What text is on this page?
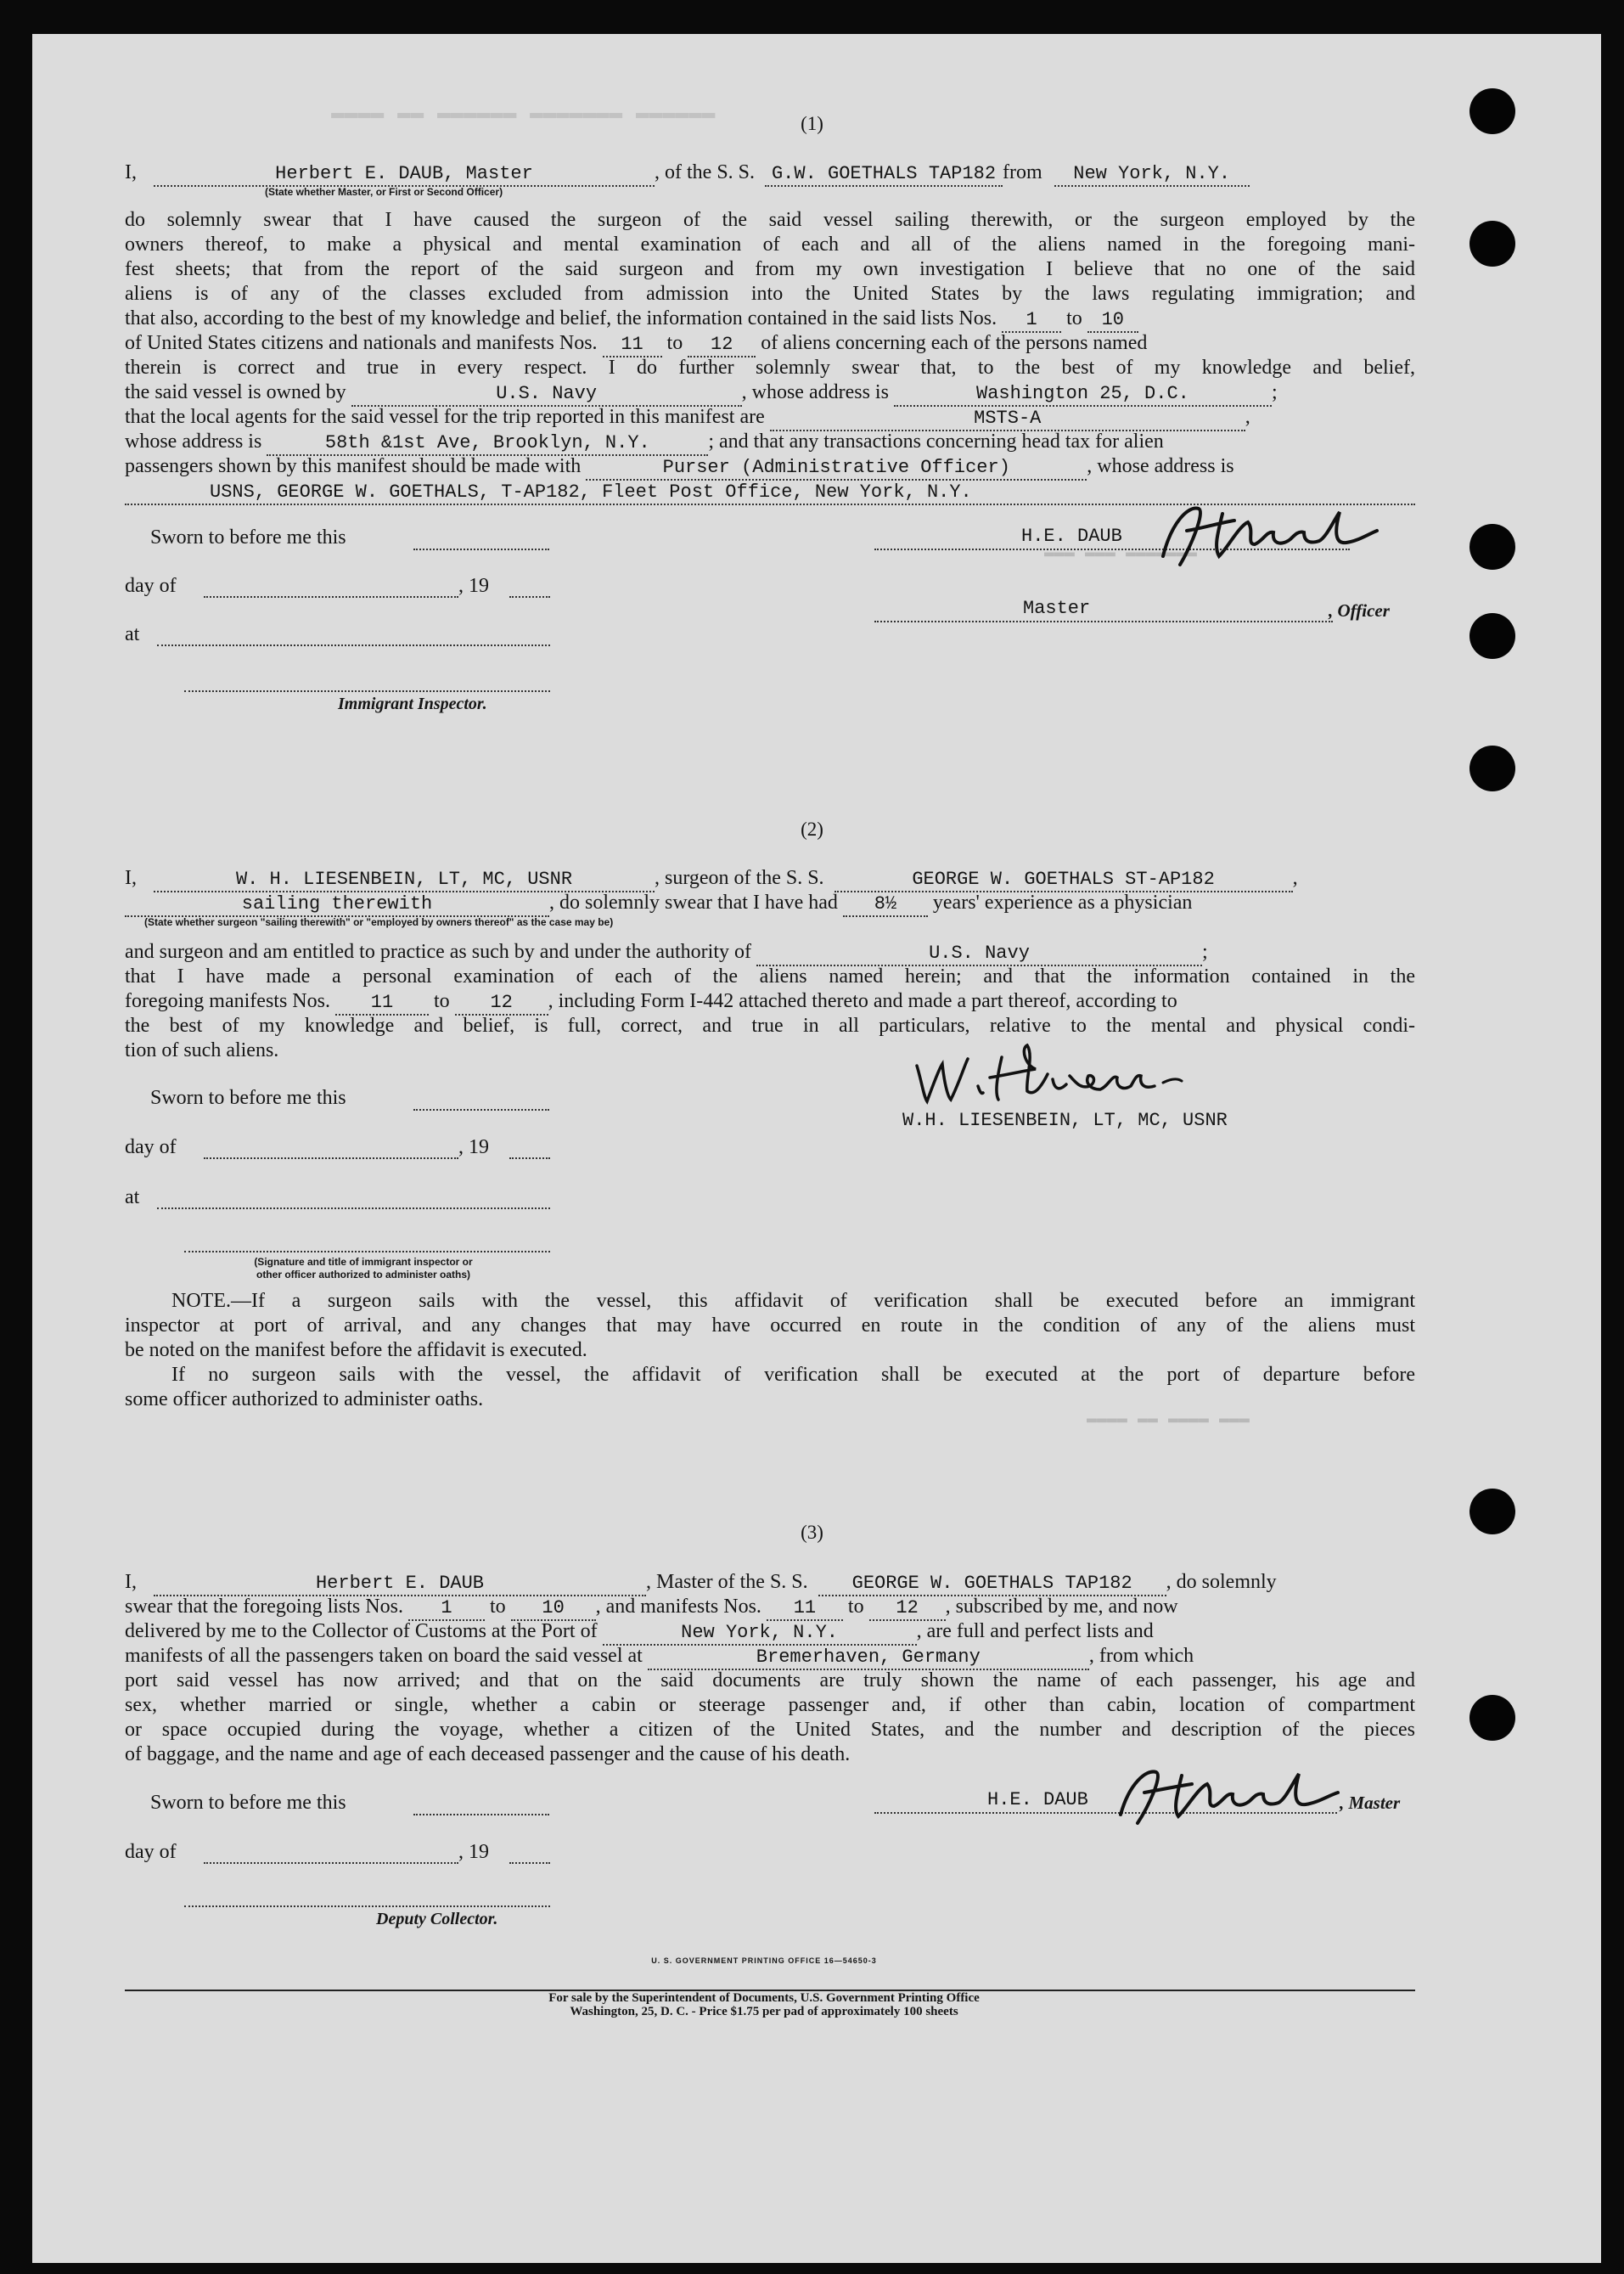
▬▬▬▬ ▬▬ ▬▬▬▬▬▬ ▬▬▬▬▬▬▬ ▬▬▬▬▬▬
▬▬▬ ▬▬▬ ▬▬▬▬▬▬▬
▬▬▬▬ ▬▬ ▬▬▬▬ ▬▬▬
(1)
I,	Herbert E. DAUB, Master	, of the S. S. G.W. GOETHALS TAP182 from New York, N.Y.
(State whether Master, or First or Second Officer)
do solemnly swear that I have caused the surgeon of the said vessel sailing therewith, or the surgeon employed by the
owners thereof, to make a physical and mental examination of each and all of the aliens named in the foregoing mani-
fest sheets; that from the report of the said surgeon and from my own investigation I believe that no one of the said
aliens is of any of the classes excluded from admission into the United States by the laws regulating immigration; and
that also, according to the best of my knowledge and belief, the information contained in the said lists Nos. 1 to 10
of United States citizens and nationals and manifests Nos. 11 to 12 of aliens concerning each of the persons named
therein is correct and true in every respect. I do further solemnly swear that, to the best of my knowledge and belief,
the said vessel is owned by	U.S. Navy	, whose address is	Washington 25, D.C.	;
that the local agents for the said vessel for the trip reported in this manifest are	MSTS-A	,
whose address is	58th &1st Ave, Brooklyn, N.Y.	; and that any transactions concerning head tax for alien
passengers shown by this manifest should be made with	Purser (Administrative Officer)	, whose address is
USNS, GEORGE W. GOETHALS, T-AP182, Fleet Post Office, New York, N.Y.
Sworn to before me this
day of	, 19
at
Immigrant Inspector.
H.E. DAUB
Master	, Officer
(2)
I,	W. H. LIESENBEIN, LT, MC, USNR	, surgeon of the S. S.	GEORGE W. GOETHALS ST-AP182	,
sailing therewith	, do solemnly swear that I have had 8½ years' experience as a physician
(State whether surgeon "sailing therewith" or "employed by owners thereof" as the case may be)
and surgeon and am entitled to practice as such by and under the authority of	U.S. Navy	;
that I have made a personal examination of each of the aliens named herein; and that the information contained in the
foregoing manifests Nos. 11 to 12 , including Form I-442 attached thereto and made a part thereof, according to
the best of my knowledge and belief, is full, correct, and true in all particulars, relative to the mental and physical condi-
tion of such aliens.
Sworn to before me this
day of	, 19
at
(Signature and title of immigrant inspector or
other officer authorized to administer oaths)
W.H. LIESENBEIN, LT, MC, USNR
NOTE.—If a surgeon sails with the vessel, this affidavit of verification shall be executed before an immigrant
inspector at port of arrival, and any changes that may have occurred en route in the condition of any of the aliens must
be noted on the manifest before the affidavit is executed.
If no surgeon sails with the vessel, the affidavit of verification shall be executed at the port of departure before
some officer authorized to administer oaths.
(3)
I,	Herbert E. DAUB	, Master of the S. S. GEORGE W. GOETHALS TAP182 , do solemnly
swear that the foregoing lists Nos. 1 to 10 , and manifests Nos. 11 to 12 , subscribed by me, and now
delivered by me to the Collector of Customs at the Port of	New York, N.Y.	, are full and perfect lists and
manifests of all the passengers taken on board the said vessel at	Bremerhaven, Germany	, from which
port said vessel has now arrived; and that on the said documents are truly shown the name of each passenger, his age and
sex, whether married or single, whether a cabin or steerage passenger and, if other than cabin, location of compartment
or space occupied during the voyage, whether a citizen of the United States, and the number and description of the pieces
of baggage, and the name and age of each deceased passenger and the cause of his death.
Sworn to before me this
day of	, 19
Deputy Collector.
H.E. DAUB	, Master
U. S. GOVERNMENT PRINTING OFFICE 16—54650-3
For sale by the Superintendent of Documents, U.S. Government Printing Office
Washington, 25, D. C. - Price $1.75 per pad of approximately 100 sheets
